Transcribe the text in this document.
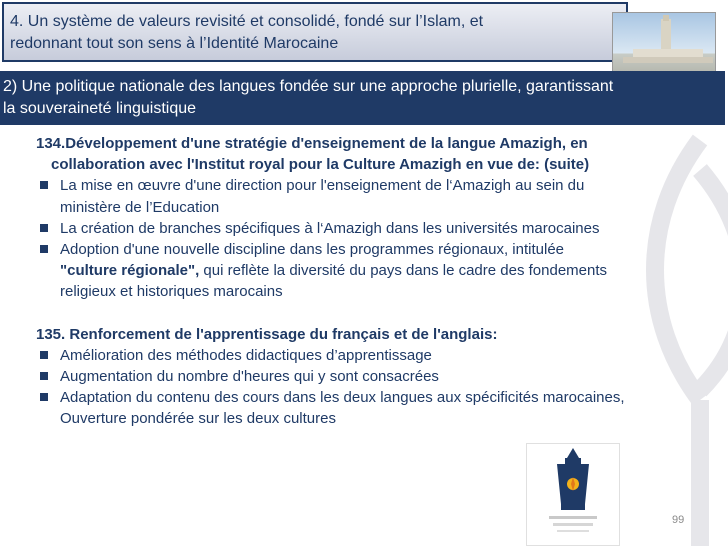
4. Un système de valeurs revisité et consolidé, fondé sur l’Islam, et
redonnant tout son sens à l’Identité Marocaine
2) Une politique nationale des langues fondée sur une approche plurielle, garantissant
la souveraineté linguistique
134.Développement d'une stratégie d'enseignement de la langue Amazigh, en
collaboration avec l'Institut royal pour la Culture Amazigh en vue de: (suite)
La mise en œuvre d'une direction pour l'enseignement de l‘Amazigh au sein du
ministère de l’Education
La création de branches spécifiques à l‘Amazigh dans les universités marocaines
Adoption d'une nouvelle discipline dans les programmes régionaux, intitulée
"culture régionale", qui reflète la diversité du pays dans le cadre des fondements
religieux et historiques marocains
135. Renforcement de l'apprentissage du français et de l'anglais:
Amélioration des méthodes didactiques d’apprentissage
Augmentation du nombre d'heures qui y sont consacrées
Adaptation du contenu des cours dans les deux langues aux spécificités marocaines,
Ouverture pondérée sur les deux cultures
99
